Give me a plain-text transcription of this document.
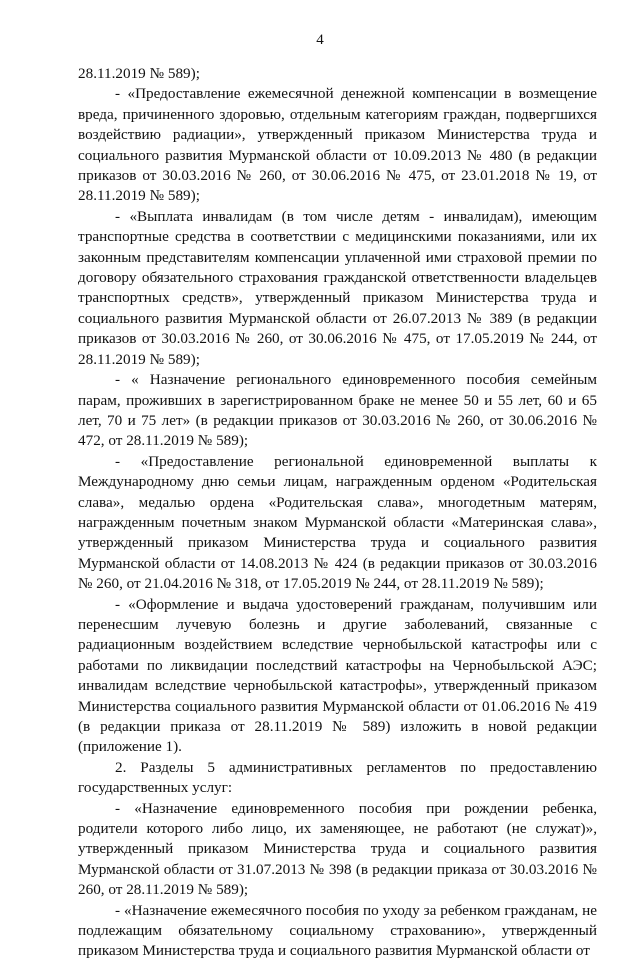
4

28.11.2019 № 589);

- «Предоставление ежемесячной денежной компенсации в возмещение вреда, причиненного здоровью, отдельным категориям граждан, подвергшихся воздействию радиации», утвержденный приказом Министерства труда и социального развития Мурманской области от 10.09.2013 № 480 (в редакции приказов от 30.03.2016 № 260, от 30.06.2016 № 475, от 23.01.2018 № 19, от 28.11.2019 № 589);

- «Выплата инвалидам (в том числе детям - инвалидам), имеющим транспортные средства в соответствии с медицинскими показаниями, или их законным представителям компенсации уплаченной ими страховой премии по договору обязательного страхования гражданской ответственности владельцев транспортных средств», утвержденный приказом Министерства труда и социального развития Мурманской области от 26.07.2013 № 389 (в редакции приказов от 30.03.2016 № 260, от 30.06.2016 № 475, от 17.05.2019 № 244, от 28.11.2019 № 589);

- « Назначение регионального единовременного пособия семейным парам, проживших в зарегистрированном браке не менее 50 и 55 лет, 60 и 65 лет, 70 и 75 лет» (в редакции приказов от 30.03.2016 № 260, от 30.06.2016 № 472, от 28.11.2019 № 589);

- «Предоставление региональной единовременной выплаты к Международному дню семьи лицам, награжденным орденом «Родительская слава», медалью ордена «Родительская слава», многодетным матерям, награжденным почетным знаком Мурманской области «Материнская слава», утвержденный приказом Министерства труда и социального развития Мурманской области от 14.08.2013 № 424 (в редакции приказов от 30.03.2016 № 260, от 21.04.2016 № 318, от 17.05.2019 № 244, от 28.11.2019 № 589);

- «Оформление и выдача удостоверений гражданам, получившим или перенесшим лучевую болезнь и другие заболеваний, связанные с радиационным воздействием вследствие чернобыльской катастрофы или с работами по ликвидации последствий катастрофы на Чернобыльской АЭС; инвалидам вследствие чернобыльской катастрофы», утвержденный приказом Министерства социального развития Мурманской области от 01.06.2016 № 419 (в редакции приказа от 28.11.2019 № 589) изложить в новой редакции (приложение 1).

2. Разделы 5 административных регламентов по предоставлению государственных услуг:

- «Назначение единовременного пособия при рождении ребенка, родители которого либо лицо, их заменяющее, не работают (не служат)», утвержденный приказом Министерства труда и социального развития Мурманской области от 31.07.2013 № 398 (в редакции приказа от 30.03.2016 № 260, от 28.11.2019 № 589);

- «Назначение ежемесячного пособия по уходу за ребенком гражданам, не подлежащим обязательному социальному страхованию», утвержденный приказом Министерства труда и социального развития Мурманской области от
